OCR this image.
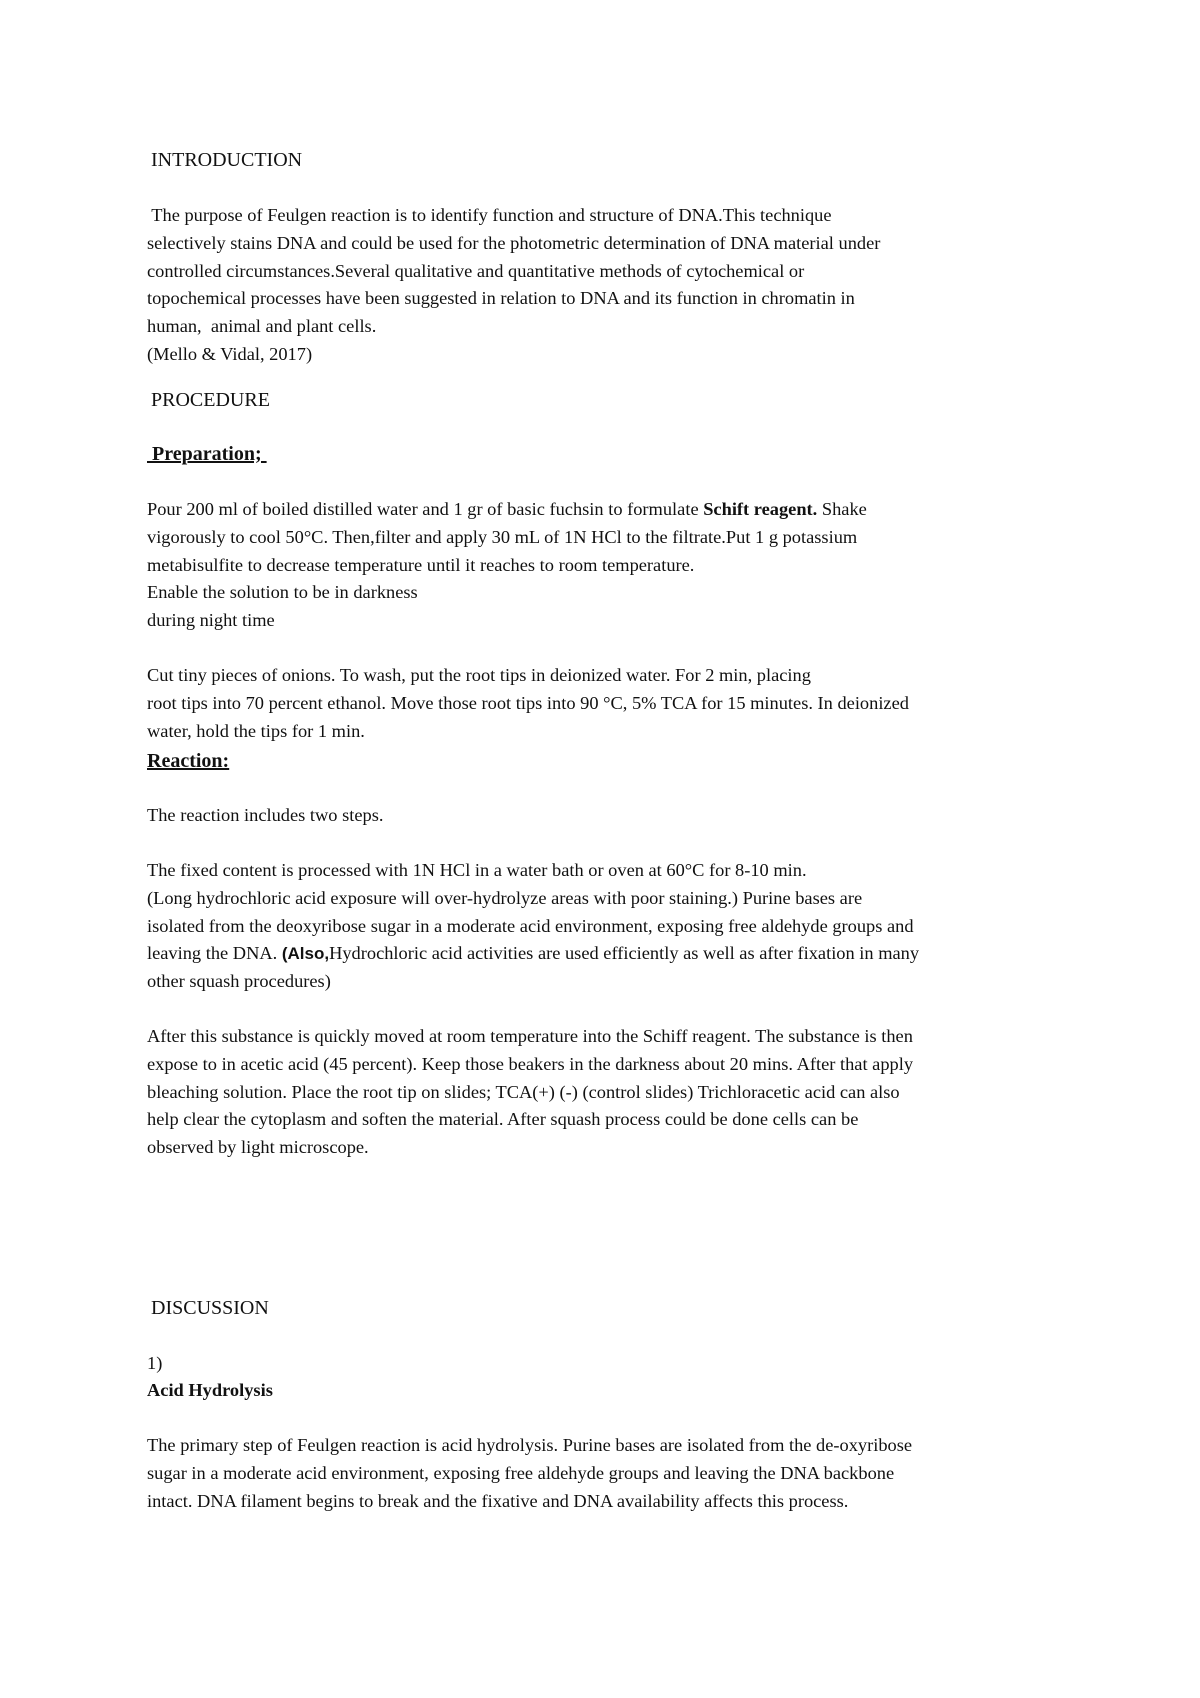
INTRODUCTION
The purpose of Feulgen reaction is to identify function and structure of DNA.This technique
selectively stains DNA and could be used for the photometric determination of DNA material under
controlled circumstances.Several qualitative and quantitative methods of cytochemical or
topochemical processes have been suggested in relation to DNA and its function in chromatin in
human,  animal and plant cells.
(Mello & Vidal, 2017)
PROCEDURE
Preparation;
Pour 200 ml of boiled distilled water and 1 gr of basic fuchsin to formulate Schift reagent. Shake
vigorously to cool 50°C. Then,filter and apply 30 mL of 1N HCl to the filtrate.Put 1 g potassium
metabisulfite to decrease temperature until it reaches to room temperature.
Enable the solution to be in darkness
during night time
Cut tiny pieces of onions. To wash, put the root tips in deionized water. For 2 min, placing
root tips into 70 percent ethanol. Move those root tips into 90 °C, 5% TCA for 15 minutes. In deionized
water, hold the tips for 1 min.
Reaction:
The reaction includes two steps.
The fixed content is processed with 1N HCl in a water bath or oven at 60°C for 8-10 min.
(Long hydrochloric acid exposure will over-hydrolyze areas with poor staining.) Purine bases are
isolated from the deoxyribose sugar in a moderate acid environment, exposing free aldehyde groups and
leaving the DNA. (Also,Hydrochloric acid activities are used efficiently as well as after fixation in many
other squash procedures)
After this substance is quickly moved at room temperature into the Schiff reagent. The substance is then
expose to in acetic acid (45 percent). Keep those beakers in the darkness about 20 mins. After that apply
bleaching solution. Place the root tip on slides; TCA(+) (-) (control slides) Trichloracetic acid can also
help clear the cytoplasm and soften the material. After squash process could be done cells can be
observed by light microscope.
DISCUSSION
1)
Acid Hydrolysis
The primary step of Feulgen reaction is acid hydrolysis. Purine bases are isolated from the de-oxyribose
sugar in a moderate acid environment, exposing free aldehyde groups and leaving the DNA backbone
intact. DNA filament begins to break and the fixative and DNA availability affects this process.
